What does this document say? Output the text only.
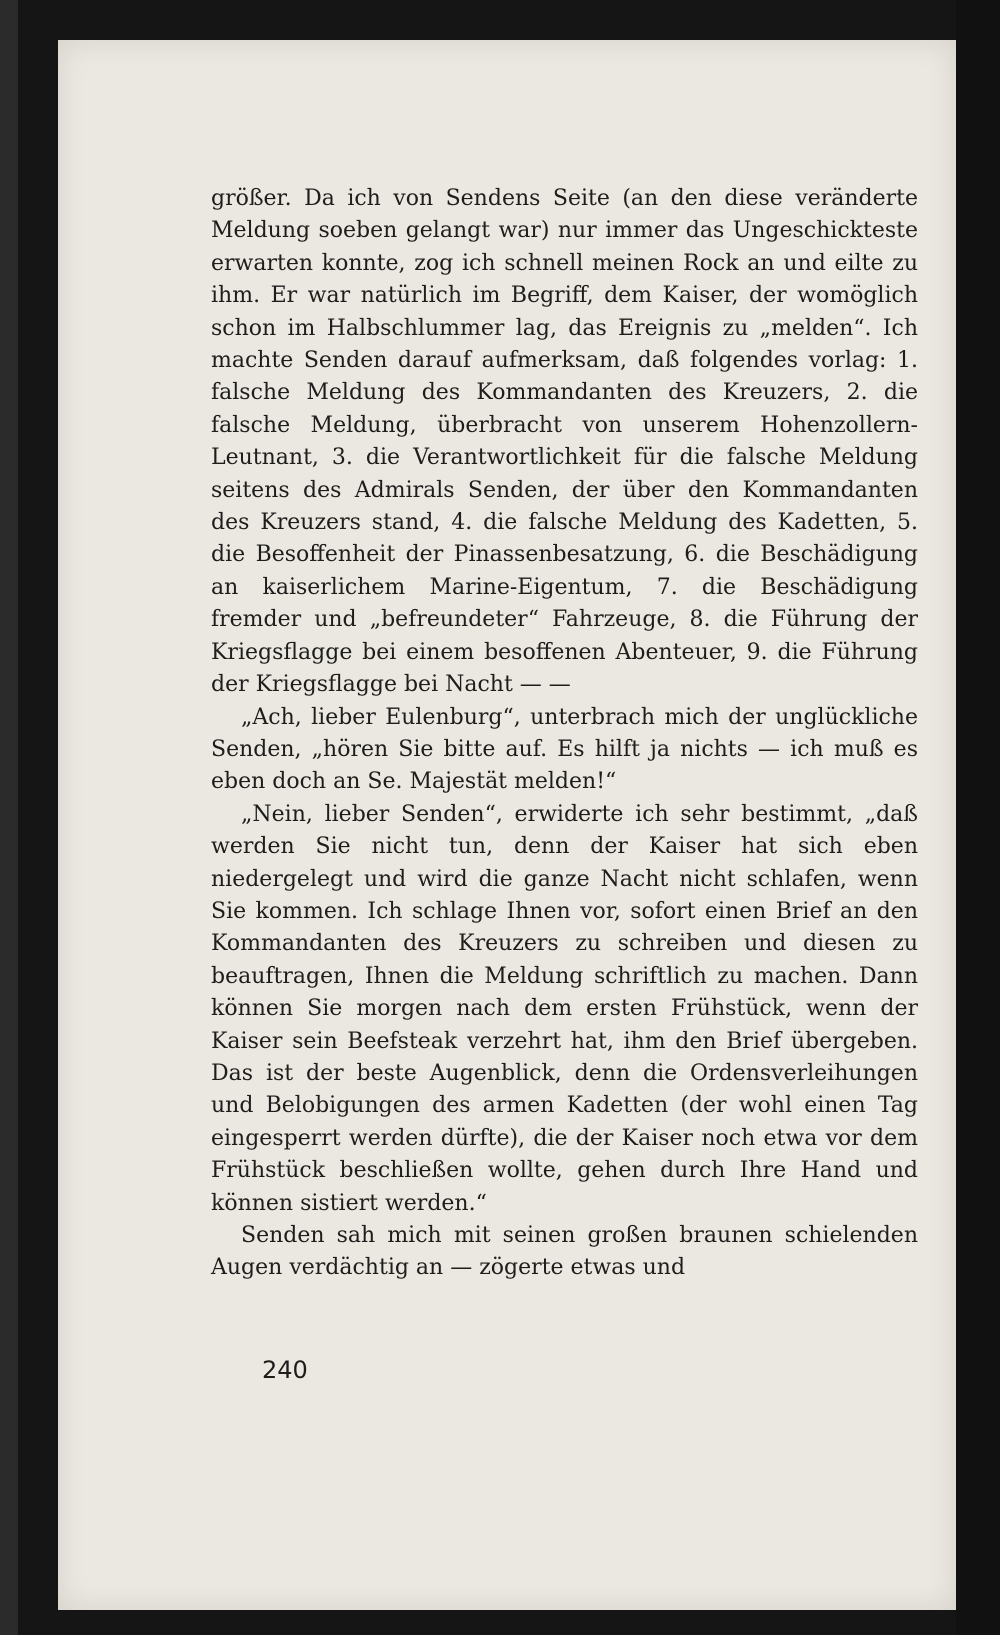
größer. Da ich von Sendens Seite (an den diese veränderte Meldung soeben gelangt war) nur immer das Ungeschickteste erwarten konnte, zog ich schnell meinen Rock an und eilte zu ihm. Er war natürlich im Begriff, dem Kaiser, der womöglich schon im Halbschlummer lag, das Ereignis zu „melden“. Ich machte Senden darauf aufmerksam, daß folgendes vorlag: 1. falsche Meldung des Kommandanten des Kreuzers, 2. die falsche Meldung, überbracht von unserem Hohenzollern-Leutnant, 3. die Verantwortlichkeit für die falsche Meldung seitens des Admirals Senden, der über den Kommandanten des Kreuzers stand, 4. die falsche Meldung des Kadetten, 5. die Besoffenheit der Pinassenbesatzung, 6. die Beschädigung an kaiserlichem Marine-Eigentum, 7. die Beschädigung fremder und „befreundeter“ Fahrzeuge, 8. die Führung der Kriegsflagge bei einem besoffenen Abenteuer, 9. die Führung der Kriegsflagge bei Nacht — —

„Ach, lieber Eulenburg“, unterbrach mich der unglückliche Senden, „hören Sie bitte auf. Es hilft ja nichts — ich muß es eben doch an Se. Majestät melden!“

„Nein, lieber Senden“, erwiderte ich sehr bestimmt, „daß werden Sie nicht tun, denn der Kaiser hat sich eben niedergelegt und wird die ganze Nacht nicht schlafen, wenn Sie kommen. Ich schlage Ihnen vor, sofort einen Brief an den Kommandanten des Kreuzers zu schreiben und diesen zu beauftragen, Ihnen die Meldung schriftlich zu machen. Dann können Sie morgen nach dem ersten Frühstück, wenn der Kaiser sein Beefsteak verzehrt hat, ihm den Brief übergeben. Das ist der beste Augenblick, denn die Ordensverleihungen und Belobigungen des armen Kadetten (der wohl einen Tag eingesperrt werden dürfte), die der Kaiser noch etwa vor dem Frühstück beschließen wollte, gehen durch Ihre Hand und können sistiert werden.“

Senden sah mich mit seinen großen braunen schielenden Augen verdächtig an — zögerte etwas und

240
